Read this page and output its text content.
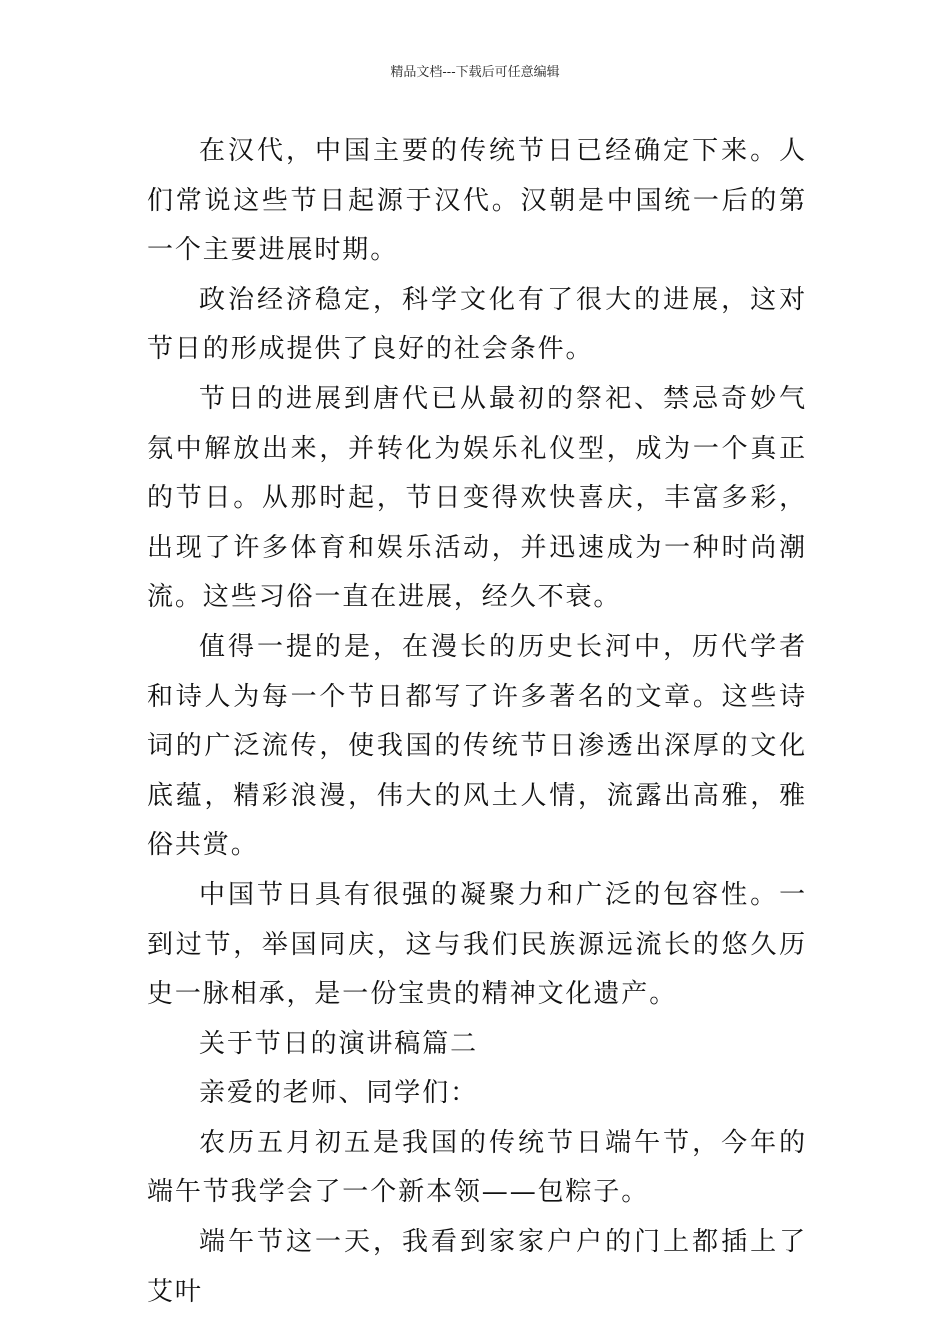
精品文档---下载后可任意编辑

在汉代，中国主要的传统节日已经确定下来。人们常说这些节日起源于汉代。汉朝是中国统一后的第一个主要进展时期。

政治经济稳定，科学文化有了很大的进展，这对节日的形成提供了良好的社会条件。

节日的进展到唐代已从最初的祭祀、禁忌奇妙气氛中解放出来，并转化为娱乐礼仪型，成为一个真正的节日。从那时起，节日变得欢快喜庆，丰富多彩，出现了许多体育和娱乐活动，并迅速成为一种时尚潮流。这些习俗一直在进展，经久不衰。

值得一提的是，在漫长的历史长河中，历代学者和诗人为每一个节日都写了许多著名的文章。这些诗词的广泛流传，使我国的传统节日渗透出深厚的文化底蕴，精彩浪漫，伟大的风土人情，流露出高雅，雅俗共赏。

中国节日具有很强的凝聚力和广泛的包容性。一到过节，举国同庆，这与我们民族源远流长的悠久历史一脉相承，是一份宝贵的精神文化遗产。

关于节日的演讲稿篇二

亲爱的老师、同学们：

农历五月初五是我国的传统节日端午节，今年的端午节我学会了一个新本领——包粽子。

端午节这一天，我看到家家户户的门上都插上了艾叶
